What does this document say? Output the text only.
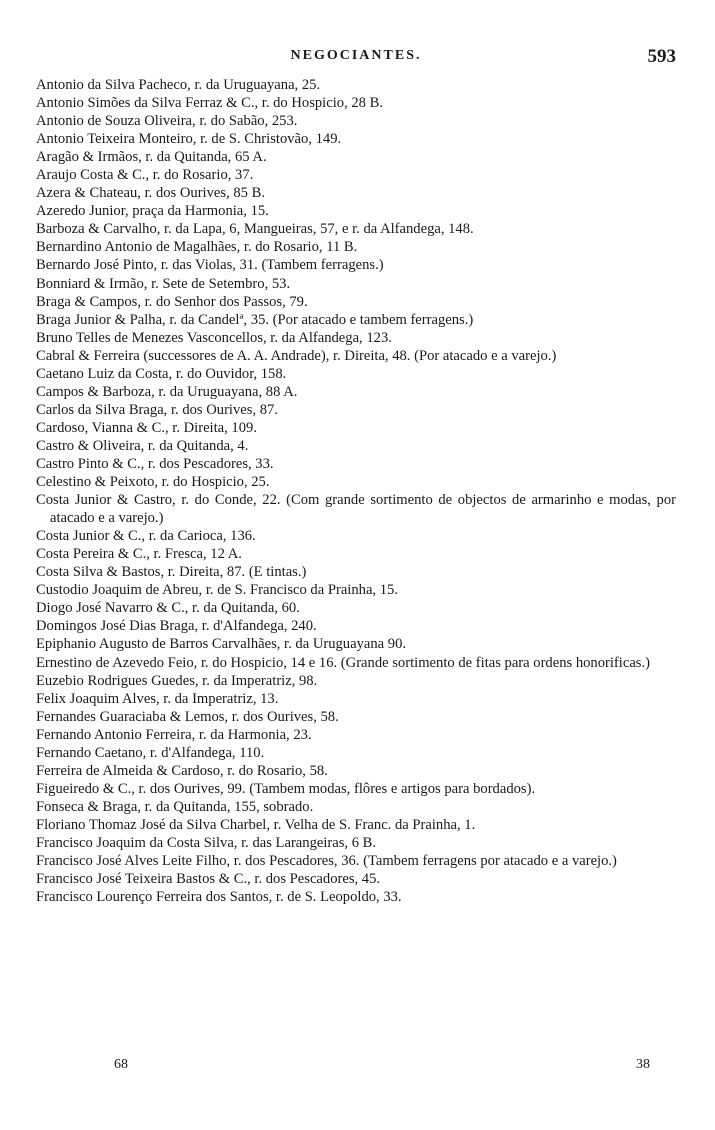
NEGOCIANTES.	593

Antonio da Silva Pacheco, r. da Uruguayana, 25.

Antonio Simões da Silva Ferraz & C., r. do Hospicio, 28 B.

Antonio de Souza Oliveira, r. do Sabão, 253.

Antonio Teixeira Monteiro, r. de S. Christovão, 149.

Aragão & Irmãos, r. da Quitanda, 65 A.

Araujo Costa & C., r. do Rosario, 37.

Azera & Chateau, r. dos Ourives, 85 B.

Azeredo Junior, praça da Harmonia, 15.

Barboza & Carvalho, r. da Lapa, 6, Mangueiras, 57, e r. da Alfandega, 148.

Bernardino Antonio de Magalhães, r. do Rosario, 11 B.

Bernardo José Pinto, r. das Violas, 31. (Tambem ferragens.)

Bonniard & Irmão, r. Sete de Setembro, 53.

Braga & Campos, r. do Senhor dos Passos, 79.

Braga Junior & Palha, r. da Candelª, 35. (Por atacado e tambem ferragens.)

Bruno Telles de Menezes Vasconcellos, r. da Alfandega, 123.

Cabral & Ferreira (successores de A. A. Andrade), r. Direita, 48. (Por atacado e a varejo.)

Caetano Luiz da Costa, r. do Ouvidor, 158.

Campos & Barboza, r. da Uruguayana, 88 A.

Carlos da Silva Braga, r. dos Ourives, 87.

Cardoso, Vianna & C., r. Direita, 109.

Castro & Oliveira, r. da Quitanda, 4.

Castro Pinto & C., r. dos Pescadores, 33.

Celestino & Peixoto, r. do Hospicio, 25.

Costa Junior & Castro, r. do Conde, 22. (Com grande sortimento de objectos de armarinho e modas, por atacado e a varejo.)

Costa Junior & C., r. da Carioca, 136.

Costa Pereira & C., r. Fresca, 12 A.

Costa Silva & Bastos, r. Direita, 87. (E tintas.)

Custodio Joaquim de Abreu, r. de S. Francisco da Prainha, 15.

Diogo José Navarro & C., r. da Quitanda, 60.

Domingos José Dias Braga, r. d'Alfandega, 240.

Epiphanio Augusto de Barros Carvalhães, r. da Uruguayana 90.

Ernestino de Azevedo Feio, r. do Hospicio, 14 e 16. (Grande sortimento de fitas para ordens honorificas.)

Euzebio Rodrigues Guedes, r. da Imperatriz, 98.

Felix Joaquim Alves, r. da Imperatriz, 13.

Fernandes Guaraciaba & Lemos, r. dos Ourives, 58.

Fernando Antonio Ferreira, r. da Harmonia, 23.

Fernando Caetano, r. d'Alfandega, 110.

Ferreira de Almeida & Cardoso, r. do Rosario, 58.

Figueiredo & C., r. dos Ourives, 99. (Tambem modas, flôres e artigos para bordados).

Fonseca & Braga, r. da Quitanda, 155, sobrado.

Floriano Thomaz José da Silva Charbel, r. Velha de S. Franc. da Prainha, 1.

Francisco Joaquim da Costa Silva, r. das Larangeiras, 6 B.

Francisco José Alves Leite Filho, r. dos Pescadores, 36. (Tambem ferragens por atacado e a varejo.)

Francisco José Teixeira Bastos & C., r. dos Pescadores, 45.

Francisco Lourenço Ferreira dos Santos, r. de S. Leopoldo, 33.

68	38
